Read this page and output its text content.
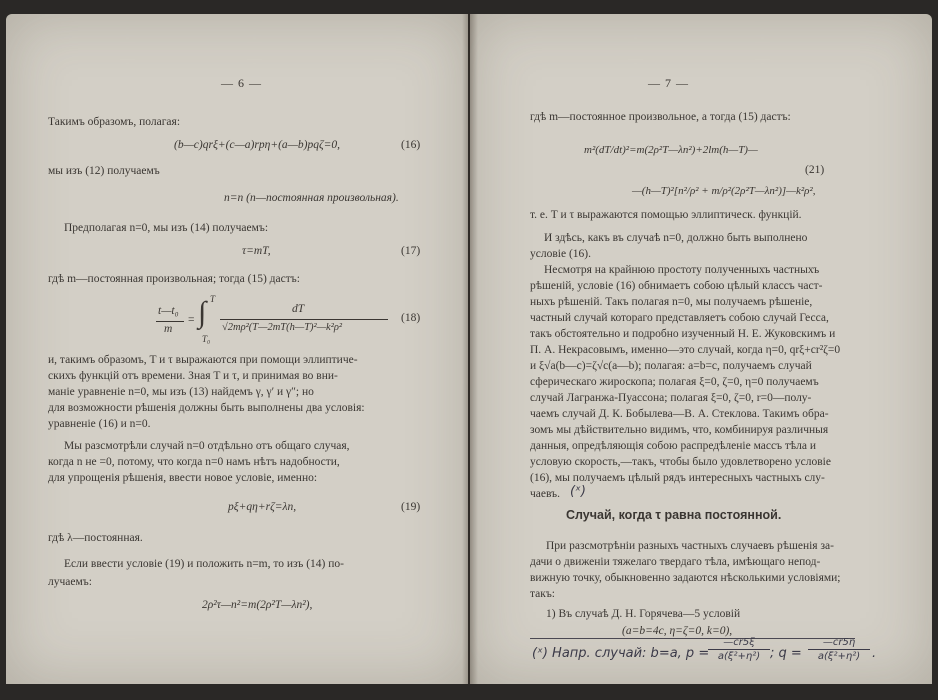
— 6 —
Такимъ образомъ, полагая:
(b—c)qrξ+(c—a)rpη+(a—b)pqζ=0,	(16)
мы изъ (12) получаемъ
n=n (n—постоянная произвольная).
Предполагая n=0, мы изъ (14) получаемъ:
τ=mT,	(17)
гдѣ m—постоянная произвольная; тогда (15) дастъ:
t—t₀
m
= ∫ T
T₀
dT
√2mρ²(T—2mT(h—T)²—k²ρ²
(18)
и, такимъ образомъ, T и τ выражаются при помощи эллиптиче-
скихъ функцій отъ времени. Зная T и τ, и принимая во вни-
маніе уравненіе n=0, мы изъ (13) найдемъ γ, γ′ и γ″; но
для возможности рѣшенія должны быть выполнены два условія:
уравненіе (16) и n=0.
Мы разсмотрѣли случай n=0 отдѣльно отъ общаго случая,
когда n не =0, потому, что когда n=0 намъ нѣтъ надобности,
для упрощенія рѣшенія, ввести новое условіе, именно:
pξ+qη+rζ=λn,	(19)
гдѣ λ—постоянная.
Если ввести условіе (19) и положить n=m, то изъ (14) по-
лучаемъ:
2ρ²τ—n²=m(2ρ²T—λn²),
— 7 —
гдѣ m—постоянное произвольное, а тогда (15) дастъ:
m²(dT/dt)²=m(2ρ²T—λn²)+2lm(h—T)—
—(h—T)²[n²/ρ² + m/ρ²(2ρ²T—λn²)]—k²ρ²,
(21)
т. е. T и τ выражаются помощью эллиптическ. функцій.
И здѣсь, какъ въ случаѣ n=0, должно быть выполнено
условіе (16).
Несмотря на крайнюю простоту полученныхъ частныхъ
рѣшеній, условіе (16) обнимаетъ собою цѣлый классъ част-
ныхъ рѣшеній. Такъ полагая n=0, мы получаемъ рѣшеніе,
частный случай котораго представляетъ собою случай Гесса,
такъ обстоятельно и подробно изученный Н. Е. Жуковскимъ и
П. А. Некрасовымъ, именно—это случай, когда η=0, qrξ+cr²ζ=0
и ξ√a(b—c)=ζ√c(a—b); полагая: a=b=c, получаемъ случай
сферическаго жироскопа; полагая ξ=0, ζ=0, η=0 получаемъ
случай Лагранжа-Пуассона; полагая ξ=0, ζ=0, r=0—полу-
чаемъ случай Д. К. Бобылева—В. А. Стеклова. Такимъ обра-
зомъ мы дѣйствительно видимъ, что, комбинируя различныя
данныя, опредѣляющія собою распредѣленіе массъ тѣла и
условую скорость,—такъ, чтобы было удовлетворено условіе
(16), мы получаемъ цѣлый рядъ интересныхъ частныхъ слу-
чаевъ. (ˣ)
Случай, когда τ равна постоянной.
При разсмотрѣніи разныхъ частныхъ случаевъ рѣшенія за-
дачи о движеніи тяжелаго твердаго тѣла, имѣющаго непод-
вижную точку, обыкновенно задаются нѣсколькими условіями;
такъ:
1) Въ случаѣ Д. Н. Горячева—5 условій
(a=b=4c, η=ζ=0, k=0),
(ˣ) Напр. случай: b=a, p =
—cr5ξ
a(ξ²+η²) ; q =
—cr5η
a(ξ²+η²) .
